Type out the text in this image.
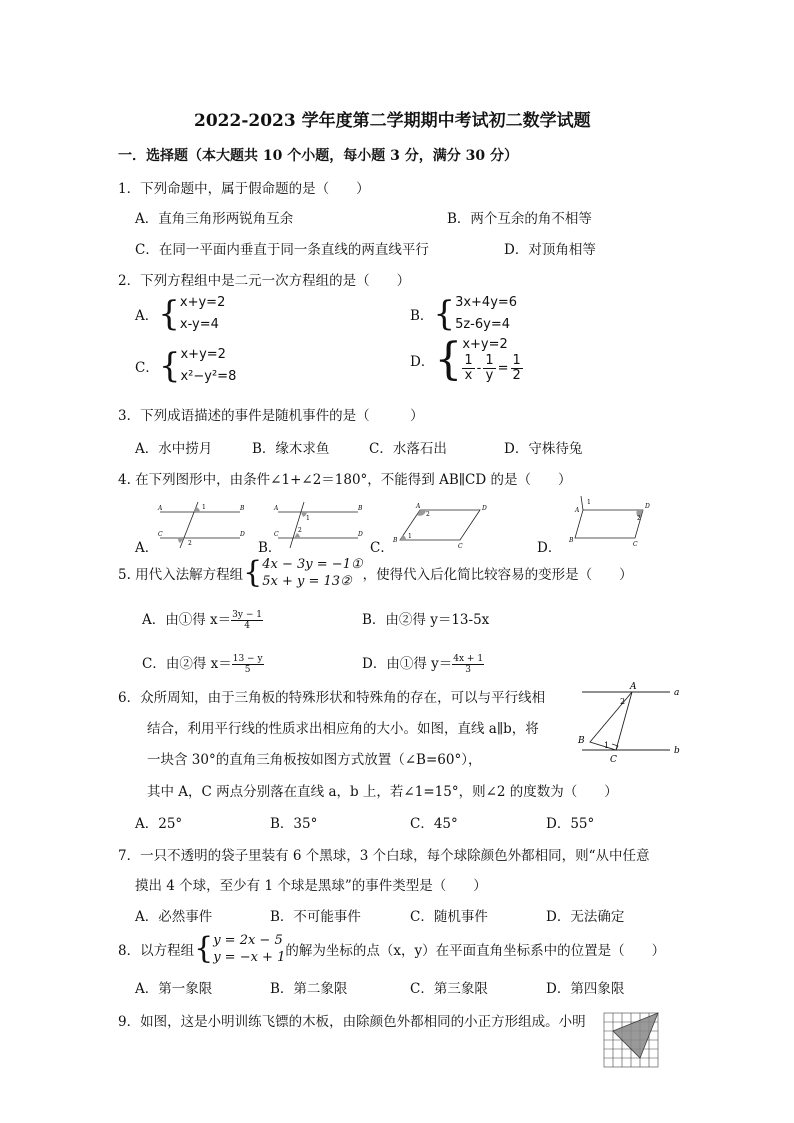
2022-2023 学年度第二学期期中考试初二数学试题
一．选择题（本大题共 10 个小题，每小题 3 分，满分 30 分）
1．下列命题中，属于假命题的是（　　）
A．直角三角形两锐角互余	B．两个互余的角不相等
C．在同一平面内垂直于同一条直线的两直线平行	D．对顶角相等
2．下列方程组中是二元一次方程组的是（　　）
A．{x+y=2
x-y=4
B．{3x+4y=6
5z-6y=4
C．{x+y=2
x²−y²=8
D．{x+y=2

$\frac{1}{x} - \frac{1}{y} = \frac{1}{2}$
3．下列成语描述的事件是随机事件的是（　　　）
A．水中捞月	B．缘木求鱼	C．水落石出	D．守株待兔
4. 在下列图形中，由条件∠1+∠2＝180°，不能得到 AB∥CD 的是（　　）
A．	B．	C．	D．
A	B
C	D
1
2
A	B
C	D
1
2
A	D
B
C
2
1
A
D
B
C
1
2
5. 用代入法解方程组{4x − 3y = −1①
5x + y = 13② ，使得代入后化简比较容易的变形是（　　）
A．由①得 $x= \frac{3y - 1}{4}$	B．由②得 y＝13-5x
C．由②得 $x= \frac{13 - y}{5}$	D．由①得 $y= \frac{4x + 1}{3}$
6．众所周知，由于三角板的特殊形状和特殊角的存在，可以与平行线相
结合，利用平行线的性质求出相应角的大小。如图，直线 a∥b，将
一块含 30°的直角三角板按如图方式放置（∠B=60°），
其中 A，C 两点分别落在直线 a，b 上，若∠1=15°，则∠2 的度数为（　　）
A．25°	B．35°	C．45°	D．55°
A
a
b
B
C
2
1
7．一只不透明的袋子里装有 6 个黑球，3 个白球，每个球除颜色外都相同，则“从中任意
摸出 4 个球，至少有 1 个球是黑球”的事件类型是（　　）
A．必然事件	B．不可能事件	C．随机事件	D．无法确定
8．以方程组{y = 2x − 5
y = −x + 1的解为坐标的点（x，y）在平面直角坐标系中的位置是（　　）
A．第一象限	B．第二象限	C．第三象限	D．第四象限
9．如图，这是小明训练飞镖的木板，由除颜色外都相同的小正方形组成。小明
